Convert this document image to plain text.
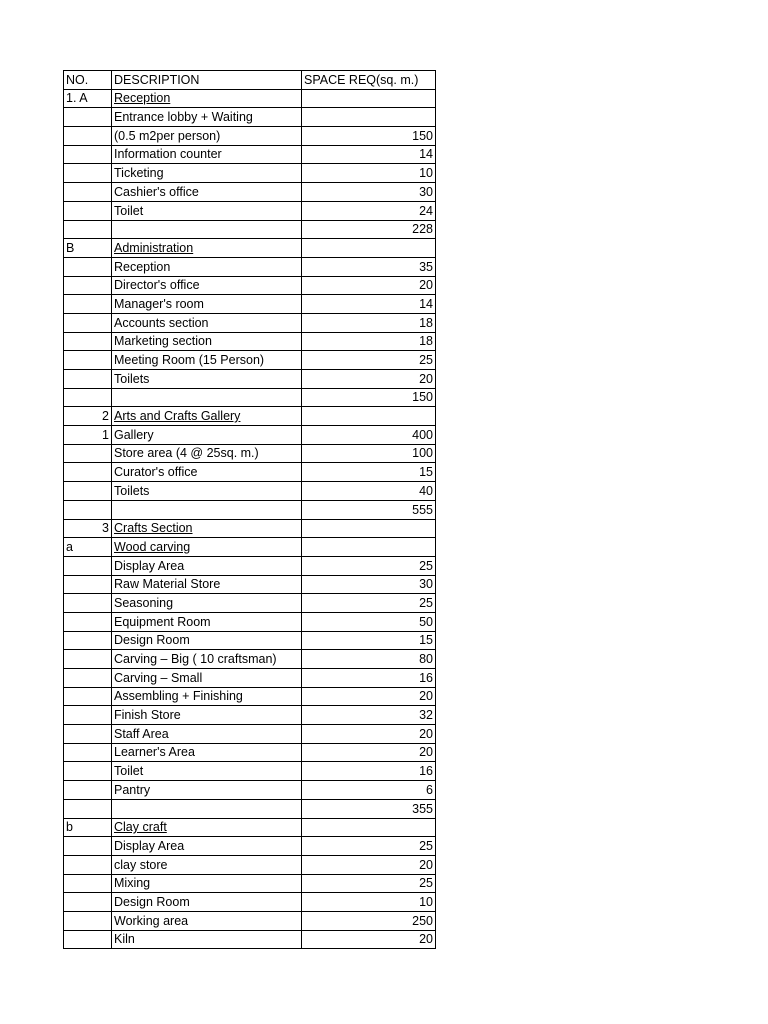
NO.	DESCRIPTION	SPACE REQ(sq. m.)
1. A	Reception	
	Entrance lobby + Waiting	
	(0.5 m2per person)	150
	Information counter	14
	Ticketing	10
	Cashier's office	30
	Toilet	24
		228
B	Administration	
	Reception	35
	Director's office	20
	Manager's room	14
	Accounts section	18
	Marketing section	18
	Meeting Room (15 Person)	25
	Toilets	20
		150
2	Arts and Crafts Gallery	
1	Gallery	400
	Store area (4 @ 25sq. m.)	100
	Curator's office	15
	Toilets	40
		555
3	Crafts Section	
a	Wood carving	
	Display Area	25
	Raw Material Store	30
	Seasoning	25
	Equipment Room	50
	Design Room	15
	Carving – Big ( 10 craftsman)	80
	Carving – Small	16
	Assembling + Finishing	20
	Finish Store	32
	Staff Area	20
	Learner's Area	20
	Toilet	16
	Pantry	6
		355
b	Clay craft	
	Display Area	25
	clay store	20
	Mixing	25
	Design Room	10
	Working area	250
	Kiln	20
